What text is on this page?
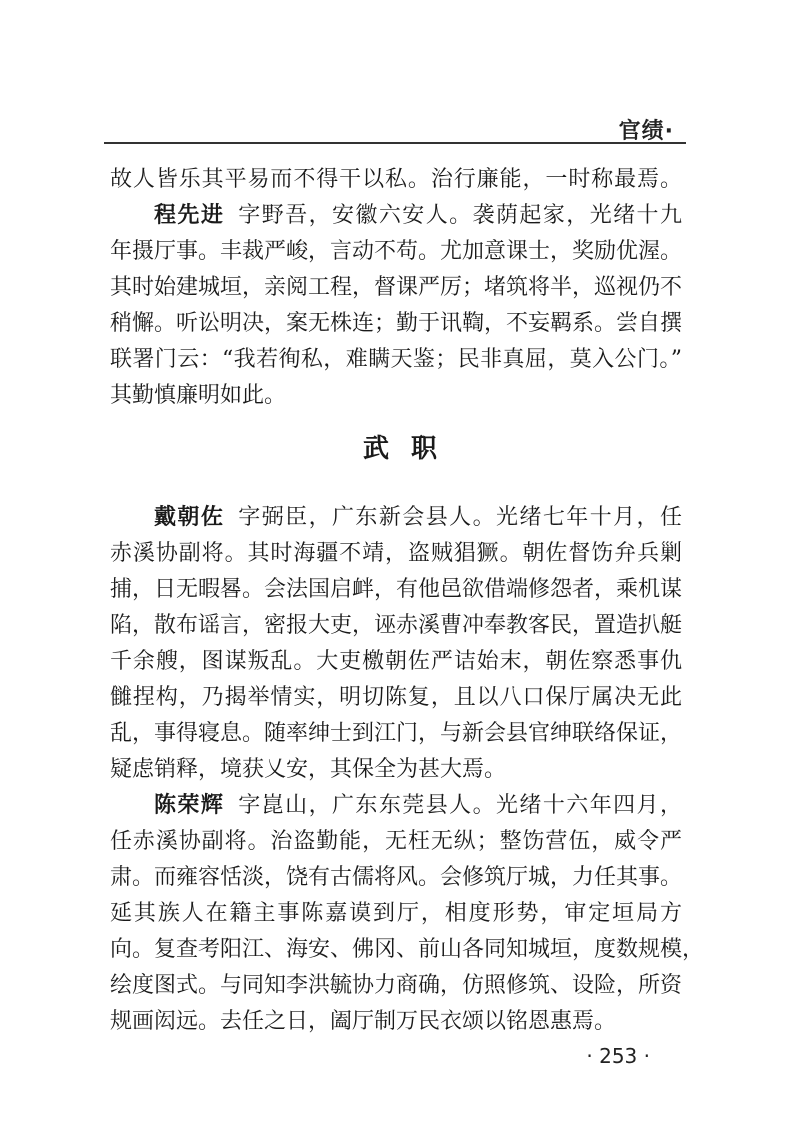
官绩·
故人皆乐其平易而不得干以私。治行廉能，一时称最焉。
程先进 字野吾，安徽六安人。袭荫起家，光绪十九
年摄厅事。丰裁严峻，言动不苟。尤加意课士，奖励优渥。
其时始建城垣，亲阅工程，督课严厉；堵筑将半，巡视仍不
稍懈。听讼明决，案无株连；勤于讯鞫，不妄羁系。尝自撰
联署门云：“我若徇私，难瞒天鉴；民非真屈，莫入公门。”
其勤慎廉明如此。
武职
戴朝佐 字弼臣，广东新会县人。光绪七年十月，任
赤溪协副将。其时海疆不靖，盗贼猖獗。朝佐督饬弁兵剿
捕，日无暇晷。会法国启衅，有他邑欲借端修怨者，乘机谋
陷，散布谣言，密报大吏，诬赤溪曹冲奉教客民，置造扒艇
千余艘，图谋叛乱。大吏檄朝佐严诘始末，朝佐察悉事仇
雠捏构，乃揭举情实，明切陈复，且以八口保厅属决无此
乱，事得寝息。随率绅士到江门，与新会县官绅联络保证，
疑虑销释，境获乂安，其保全为甚大焉。
陈荣辉 字崑山，广东东莞县人。光绪十六年四月，
任赤溪协副将。治盗勤能，无枉无纵；整饬营伍，威令严
肃。而雍容恬淡，饶有古儒将风。会修筑厅城，力任其事。
延其族人在籍主事陈嘉谟到厅，相度形势，审定垣局方
向。复查考阳江、海安、佛冈、前山各同知城垣，度数规模，
绘度图式。与同知李洪毓协力商确，仿照修筑、设险，所资
规画闳远。去任之日，阖厅制万民衣颂以铭恩惠焉。
· 253 ·
